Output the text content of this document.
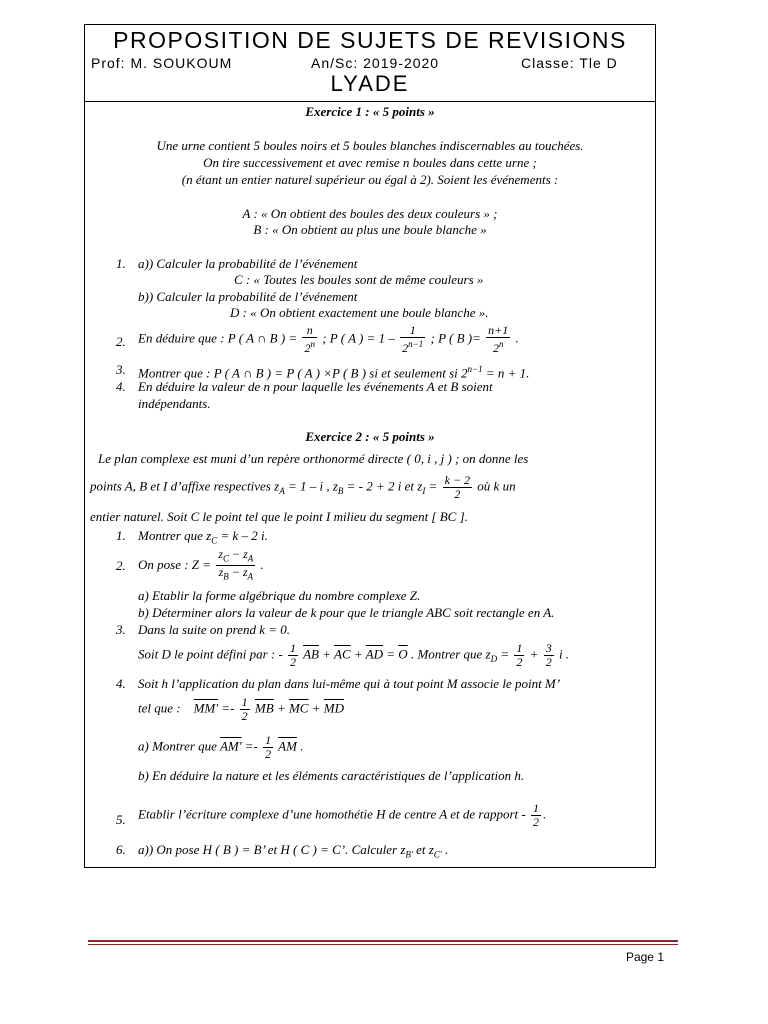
PROPOSITION DE SUJETS DE REVISIONS
Prof: M. SOUKOUM	An/Sc: 2019-2020	Classe: Tle D
LYADE
Exercice 1 : « 5 points »
Une urne contient 5 boules noirs et 5 boules blanches indiscernables au touchées.
On tire successivement et avec remise n boules dans cette urne ;
(n étant un entier naturel supérieur ou égal à 2). Soient les événements :
A : « On obtient des boules des deux couleurs » ;
B : « On obtient au plus une boule blanche »
1. a)) Calculer la probabilité de l’événement
C : « Toutes les boules sont de même couleurs »
b)) Calculer la probabilité de l’événement
D : « On obtient exactement une boule blanche ».
2. En déduire que : P ( A ∩ B ) = $\frac{n}{2^n}$ ; P ( A ) = $1 - \frac{1}{2^{n-1}}$ ; P ( B )= $\frac{n+1}{2^n}$ .
3. Montrer que : P ( A ∩ B ) = P ( A ) ×P ( B ) si et seulement si $2^{n-1} = n + 1$.
4. En déduire la valeur de n pour laquelle les événements A et B soient
indépendants.
Exercice 2 : « 5 points »
Le plan complexe est muni d’un repère orthonormé directe ( 0, i , j ) ; on donne les
points A, B et I d’affixe respectives $z_A = 1 - i$ , $z_B$ = - 2 + 2 i et $z_I = \frac{k - 2}{2}$ où k un
entier naturel. Soit C le point tel que le point I milieu du segment [ BC ].
1. Montrer que $z_C = k - 2$ i.
2. On pose : $Z = \frac{z_C - z_A}{z_B - z_A}$ .
a) Etablir la forme algébrique du nombre complexe Z.
b) Déterminer alors la valeur de k pour que le triangle ABC soit rectangle en A.
3. Dans la suite on prend k = 0.
Soit D le point défini par : - $\frac{1}{2} \overline{AB} + \overline{AC} + \overline{AD} = \overline{O}$ . Montrer que $z_D = \frac{1}{2} + \frac{3}{2}$ i .
4. Soit h l’application du plan dans lui-même qui à tout point M associe le point M’
tel que : $MM' =- \frac{1}{2} \overline{MB} + \overline{MC} + \overline{MD}$
a) Montrer que $AM' =- \frac{1}{2} \overline{AM}$ .
b) En déduire la nature et les éléments caractéristiques de l’application h.
5. Etablir l’écriture complexe d’une homothétie H de centre A et de rapport - $\frac{1}{2}$ .
6. a)) On pose H ( B ) = B’ et H ( C ) = C’. Calculer $z_{B'}$ et $z_{C'}$ .
Page 1
